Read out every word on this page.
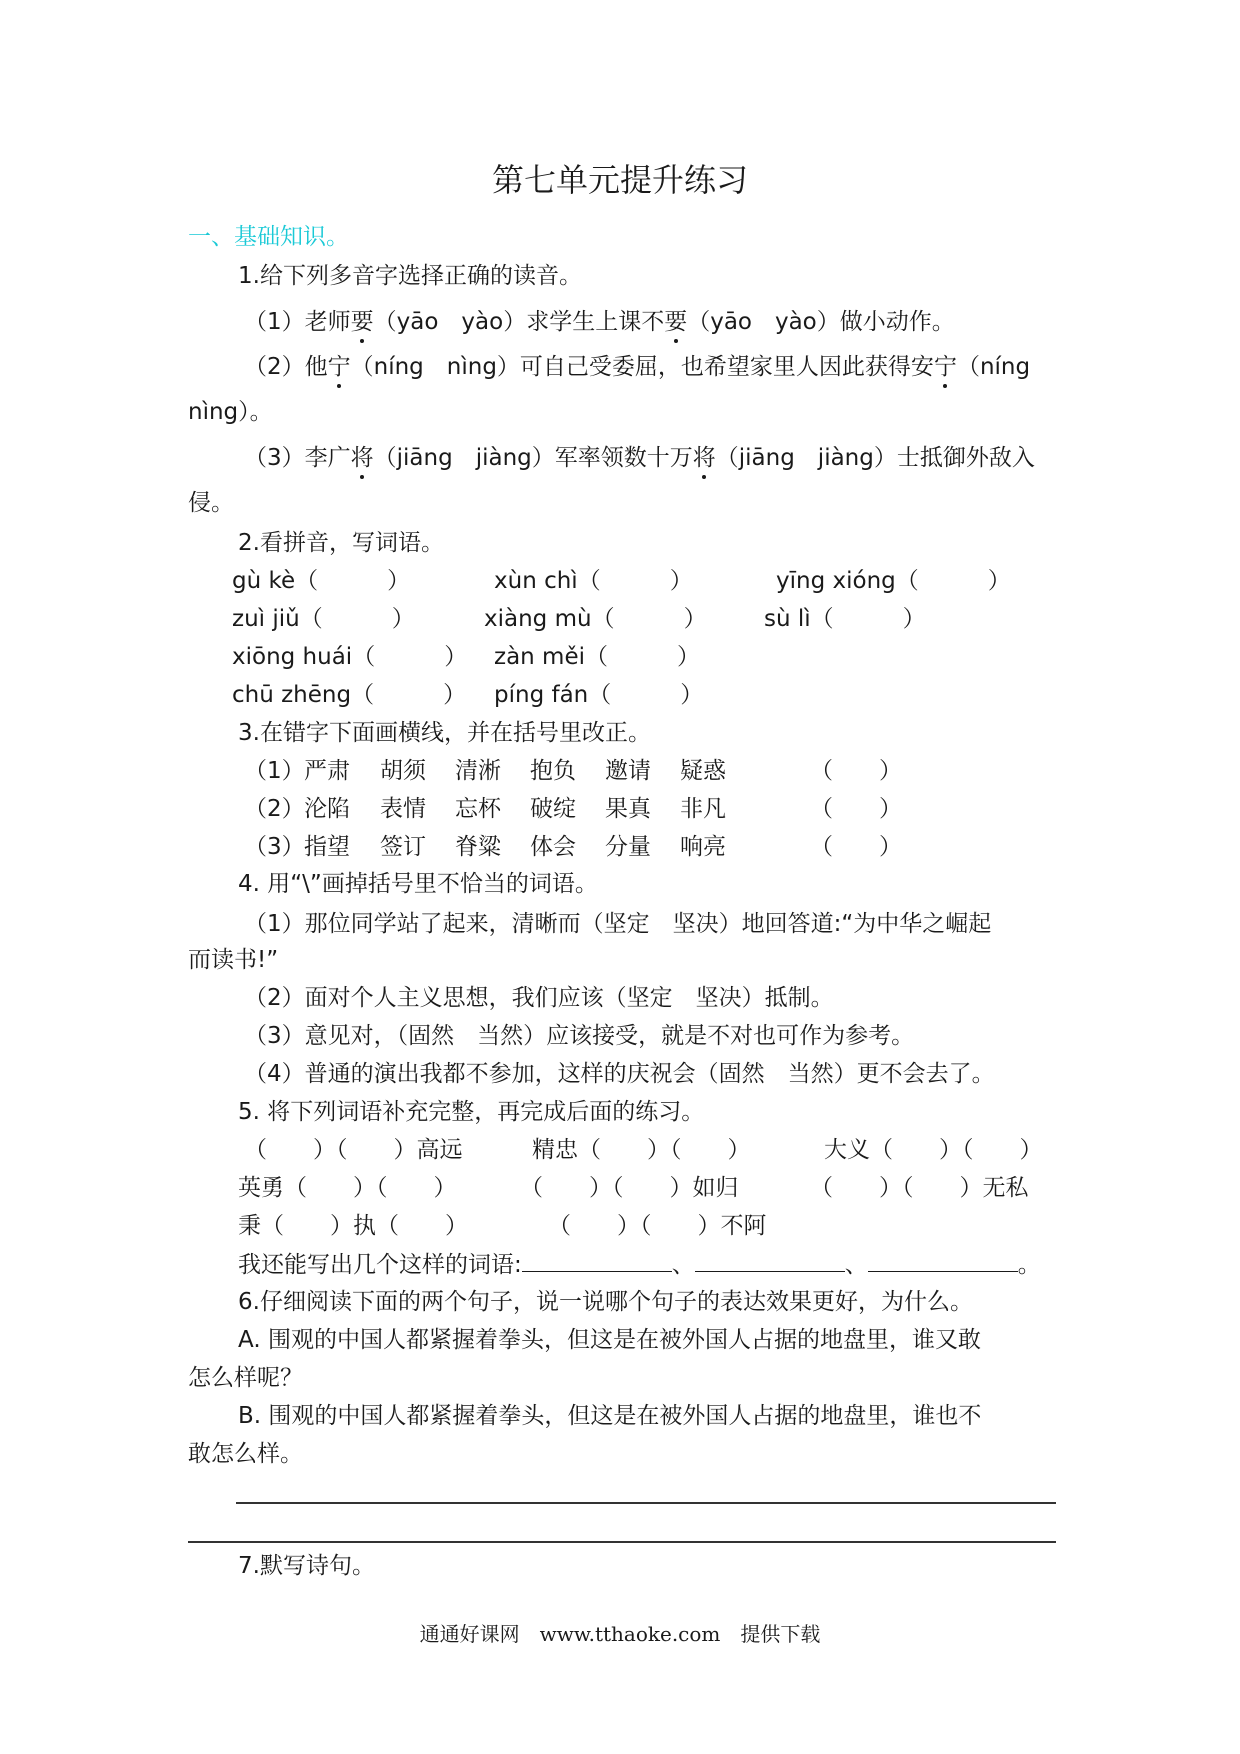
第七单元提升练习
一、基础知识。
1.给下列多音字选择正确的读音。
（1）老师要（yāo　yào）求学生上课不要（yāo　yào）做小动作。
（2）他宁（níng　nìng）可自己受委屈，也希望家里人因此获得安宁（níng
nìng）。
（3）李广将（jiāng　jiàng）军率领数十万将（jiāng　jiàng）士抵御外敌入
侵。
2.看拼音，写词语。
gù kè（　　　）	xùn chì（　　　）	yīng xióng（　　　）
zuì jiǔ（　　　）	xiàng mù（　　　） sù lì（　　　）
xiōng huái（　　　） zàn měi（　　　）
chū zhēng（　　　） píng fán（　　　）
3.在错字下面画横线，并在括号里改正。
（1） 严肃 胡须 清淅 抱负 邀请 疑惑	（　　）
（2） 沦陷 表情 忘杯 破绽 果真 非凡	（　　）
（3） 指望 签订 脊粱 体会 分量 响亮	（　　）
4. 用“\”画掉括号里不恰当的词语。
（1）那位同学站了起来，清晰而（坚定　坚决）地回答道:“为中华之崛起
而读书!”
（2）面对个人主义思想，我们应该（坚定　坚决）抵制。
（3）意见对，（固然　当然）应该接受，就是不对也可作为参考。
（4）普通的演出我都不参加，这样的庆祝会（固然　当然）更不会去了。
5. 将下列词语补充完整，再完成后面的练习。
（　　）（　　）高远	精忠（　　）（　　）	大义（　　）（　　）
英勇（　　）（　　）	（　　）（　　）如归	（　　）（　　）无私
秉（　　）执（　　）	（　　）（　　）不阿
我还能写出几个这样的词语:	、	、	。
6.仔细阅读下面的两个句子，说一说哪个句子的表达效果更好，为什么。
A. 围观的中国人都紧握着拳头，但这是在被外国人占据的地盘里，谁又敢
怎么样呢？
B. 围观的中国人都紧握着拳头，但这是在被外国人占据的地盘里，谁也不
敢怎么样。
7.默写诗句。
通通好课网　www.tthaoke.com　提供下载
